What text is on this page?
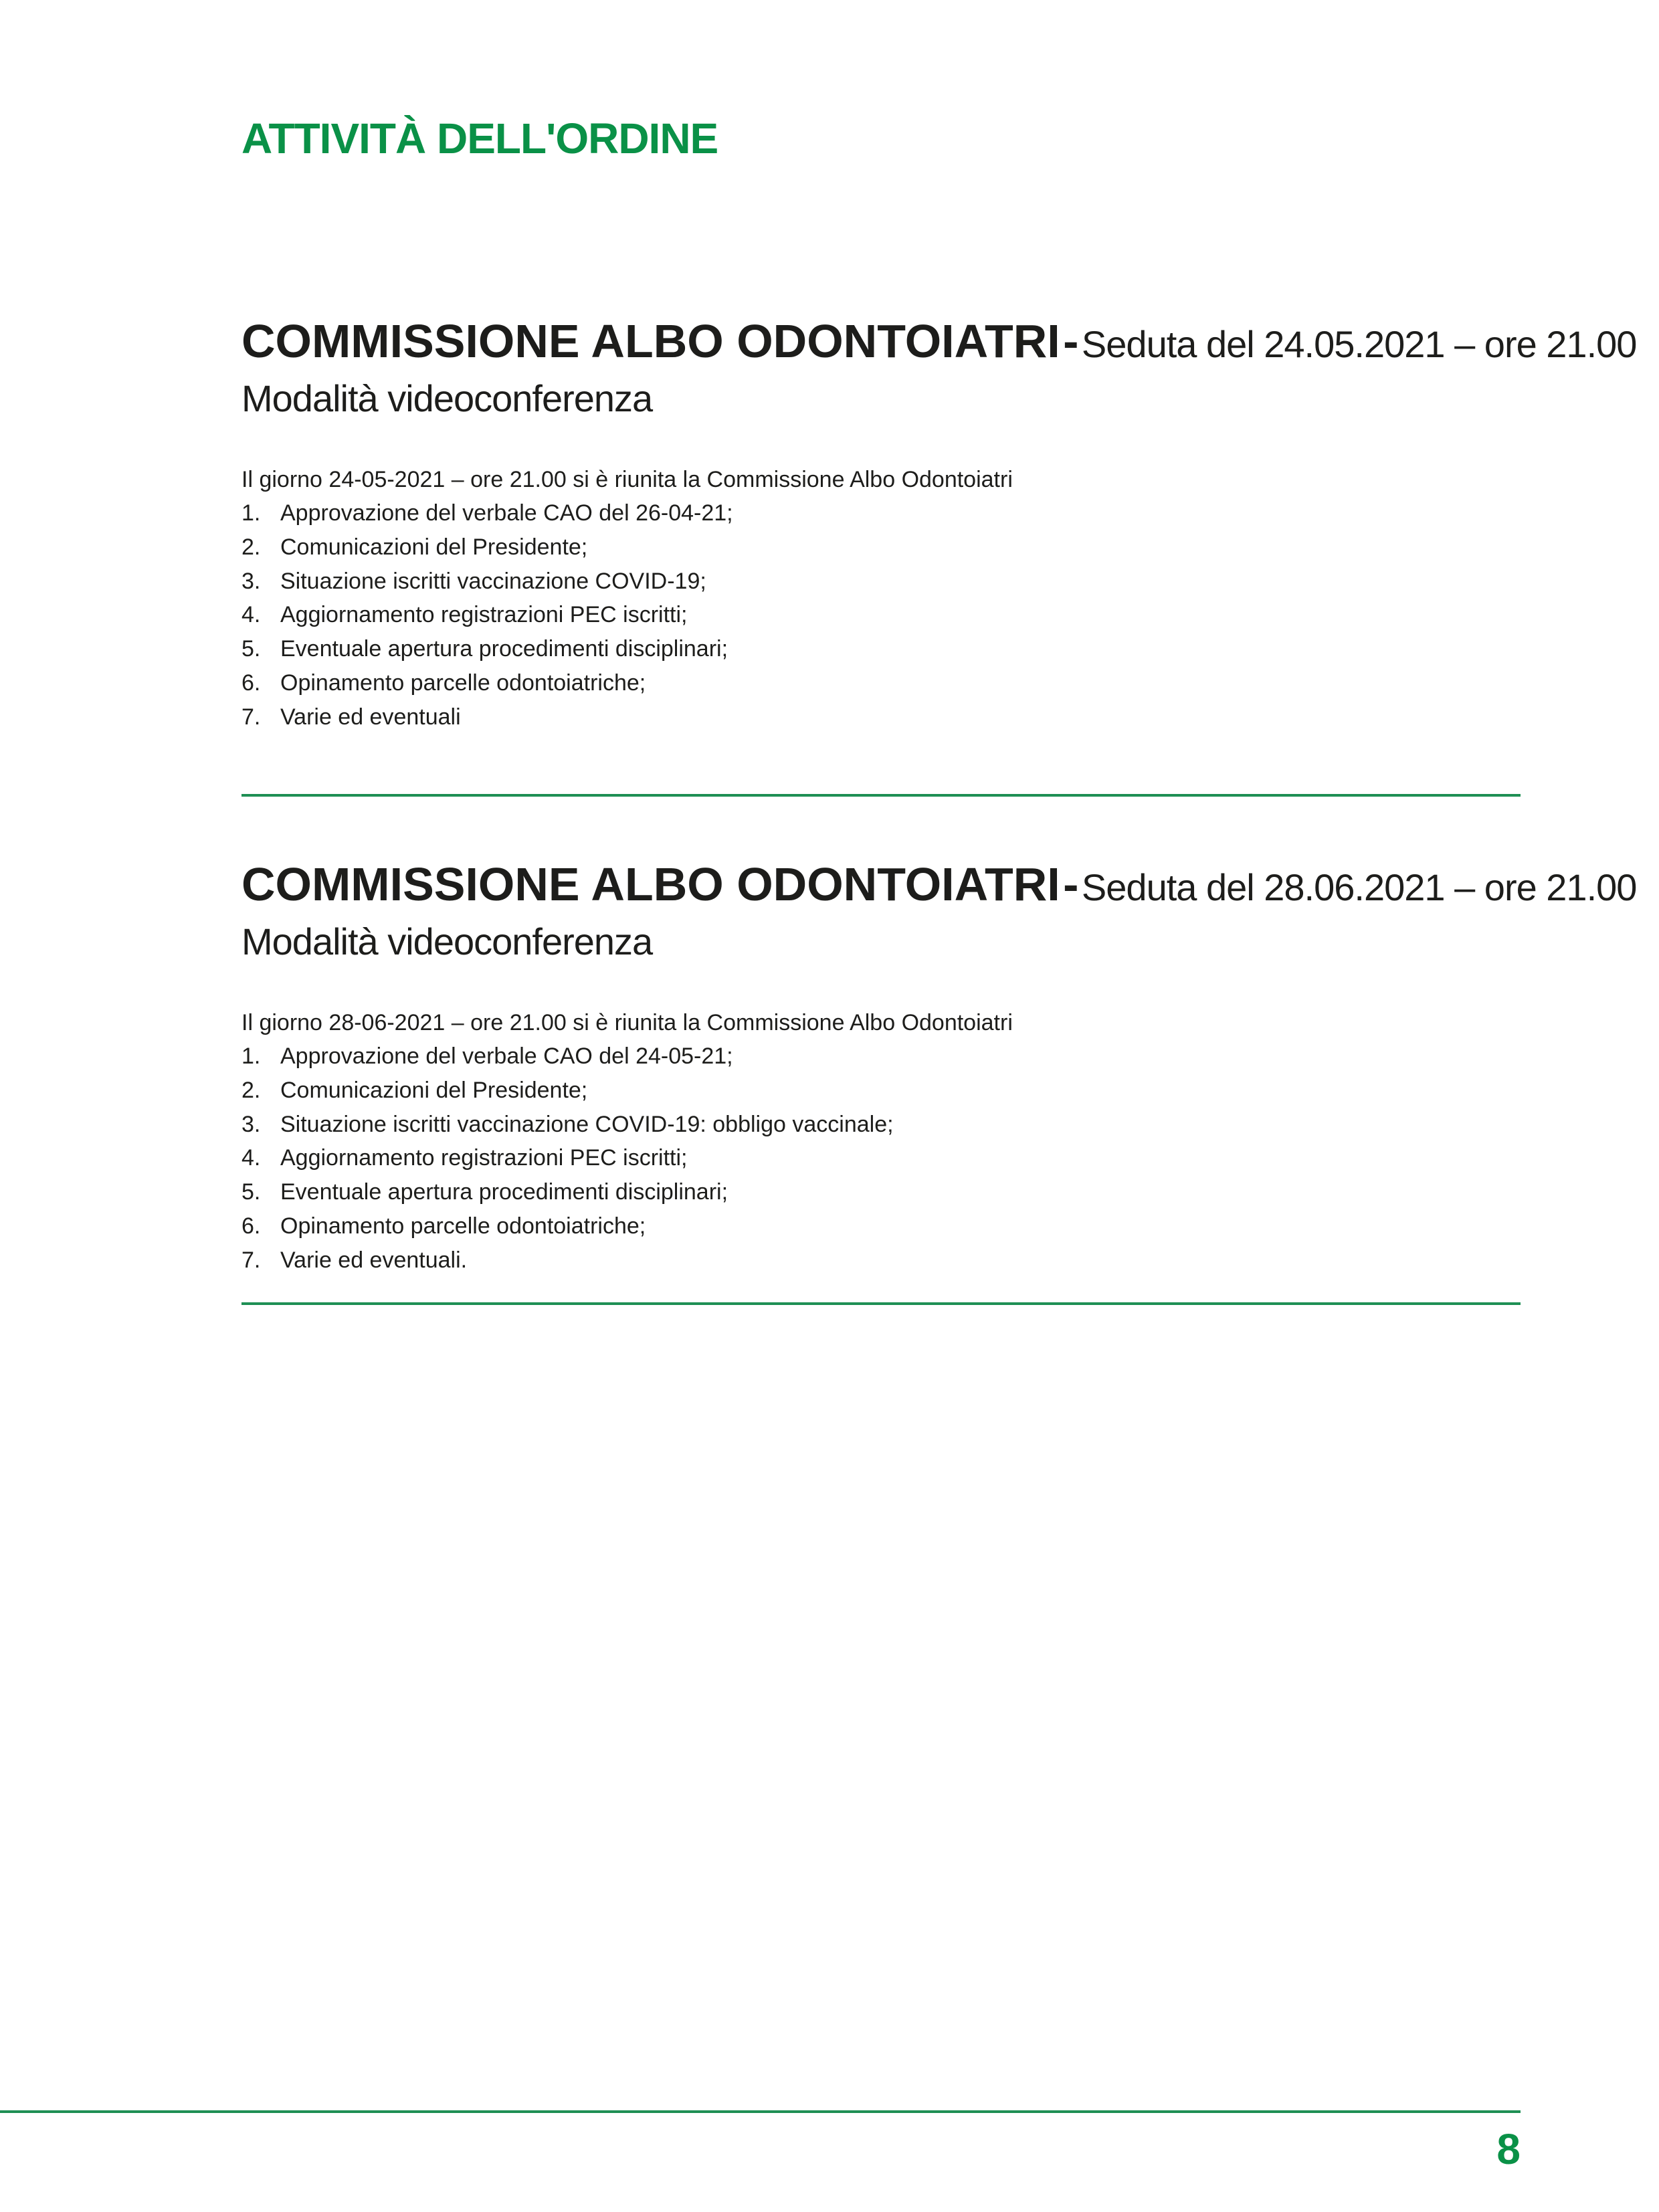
ATTIVITÀ DELL'ORDINE
COMMISSIONE ALBO ODONTOIATRI - Seduta del 24.05.2021 – ore 21.00
Modalità videoconferenza
Il giorno 24-05-2021 – ore 21.00 si è riunita la Commissione Albo Odontoiatri
1. Approvazione del verbale CAO del 26-04-21;
2. Comunicazioni del Presidente;
3. Situazione iscritti vaccinazione COVID-19;
4. Aggiornamento registrazioni PEC iscritti;
5. Eventuale apertura procedimenti disciplinari;
6. Opinamento parcelle odontoiatriche;
7. Varie ed eventuali
COMMISSIONE ALBO ODONTOIATRI - Seduta del 28.06.2021 – ore 21.00
Modalità videoconferenza
Il giorno 28-06-2021 – ore 21.00 si è riunita la Commissione Albo Odontoiatri
1. Approvazione del verbale CAO del 24-05-21;
2. Comunicazioni del Presidente;
3. Situazione iscritti vaccinazione COVID-19: obbligo vaccinale;
4. Aggiornamento registrazioni PEC iscritti;
5. Eventuale apertura procedimenti disciplinari;
6. Opinamento parcelle odontoiatriche;
7. Varie ed eventuali.
8
